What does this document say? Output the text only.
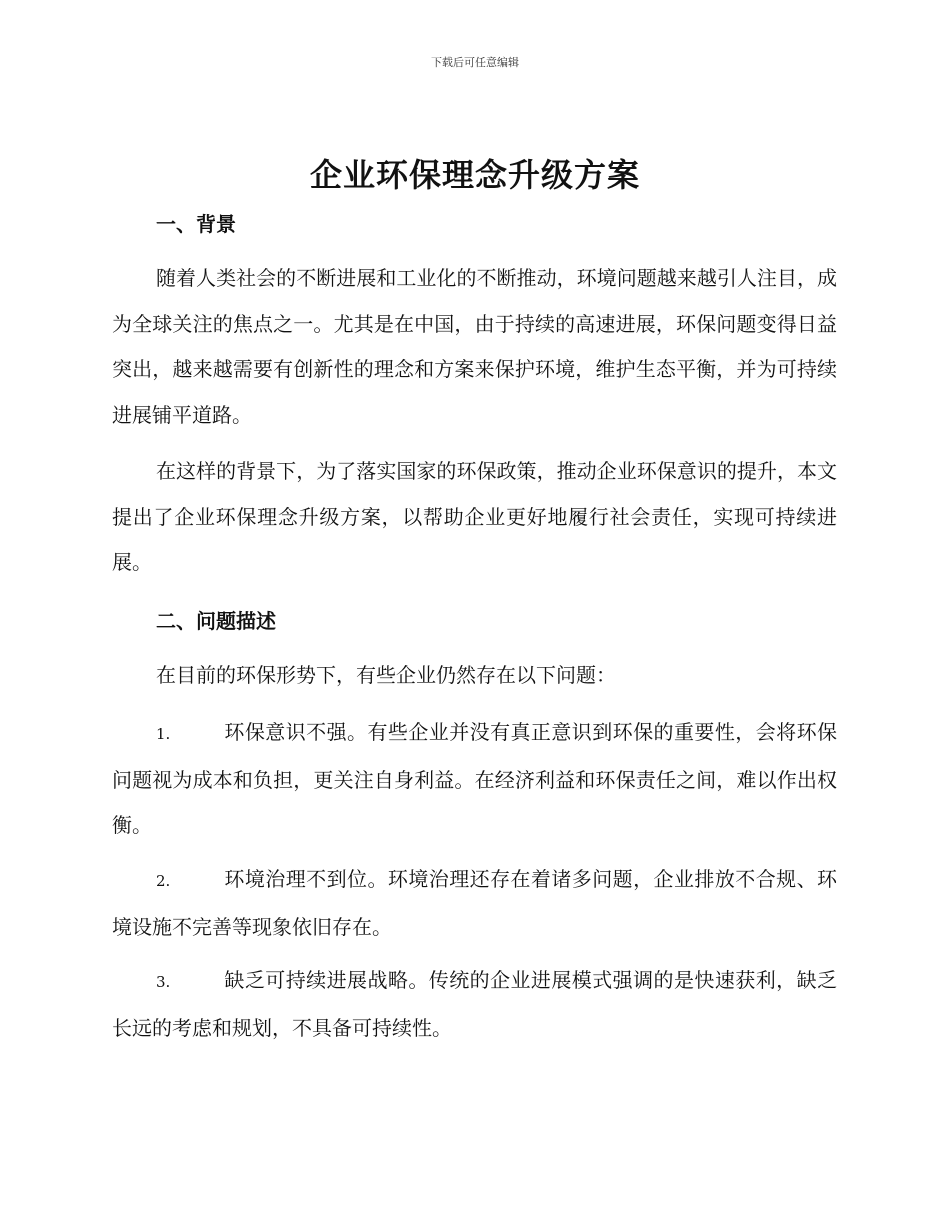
下载后可任意编辑
企业环保理念升级方案
一、背景
随着人类社会的不断进展和工业化的不断推动，环境问题越来越引人注目，成为全球关注的焦点之一。尤其是在中国，由于持续的高速进展，环保问题变得日益突出，越来越需要有创新性的理念和方案来保护环境，维护生态平衡，并为可持续进展铺平道路。
在这样的背景下，为了落实国家的环保政策，推动企业环保意识的提升，本文提出了企业环保理念升级方案，以帮助企业更好地履行社会责任，实现可持续进展。
二、问题描述
在目前的环保形势下，有些企业仍然存在以下问题：
1.	环保意识不强。有些企业并没有真正意识到环保的重要性，会将环保问题视为成本和负担，更关注自身利益。在经济利益和环保责任之间，难以作出权衡。
2.	环境治理不到位。环境治理还存在着诸多问题，企业排放不合规、环境设施不完善等现象依旧存在。
3.	缺乏可持续进展战略。传统的企业进展模式强调的是快速获利，缺乏长远的考虑和规划，不具备可持续性。
